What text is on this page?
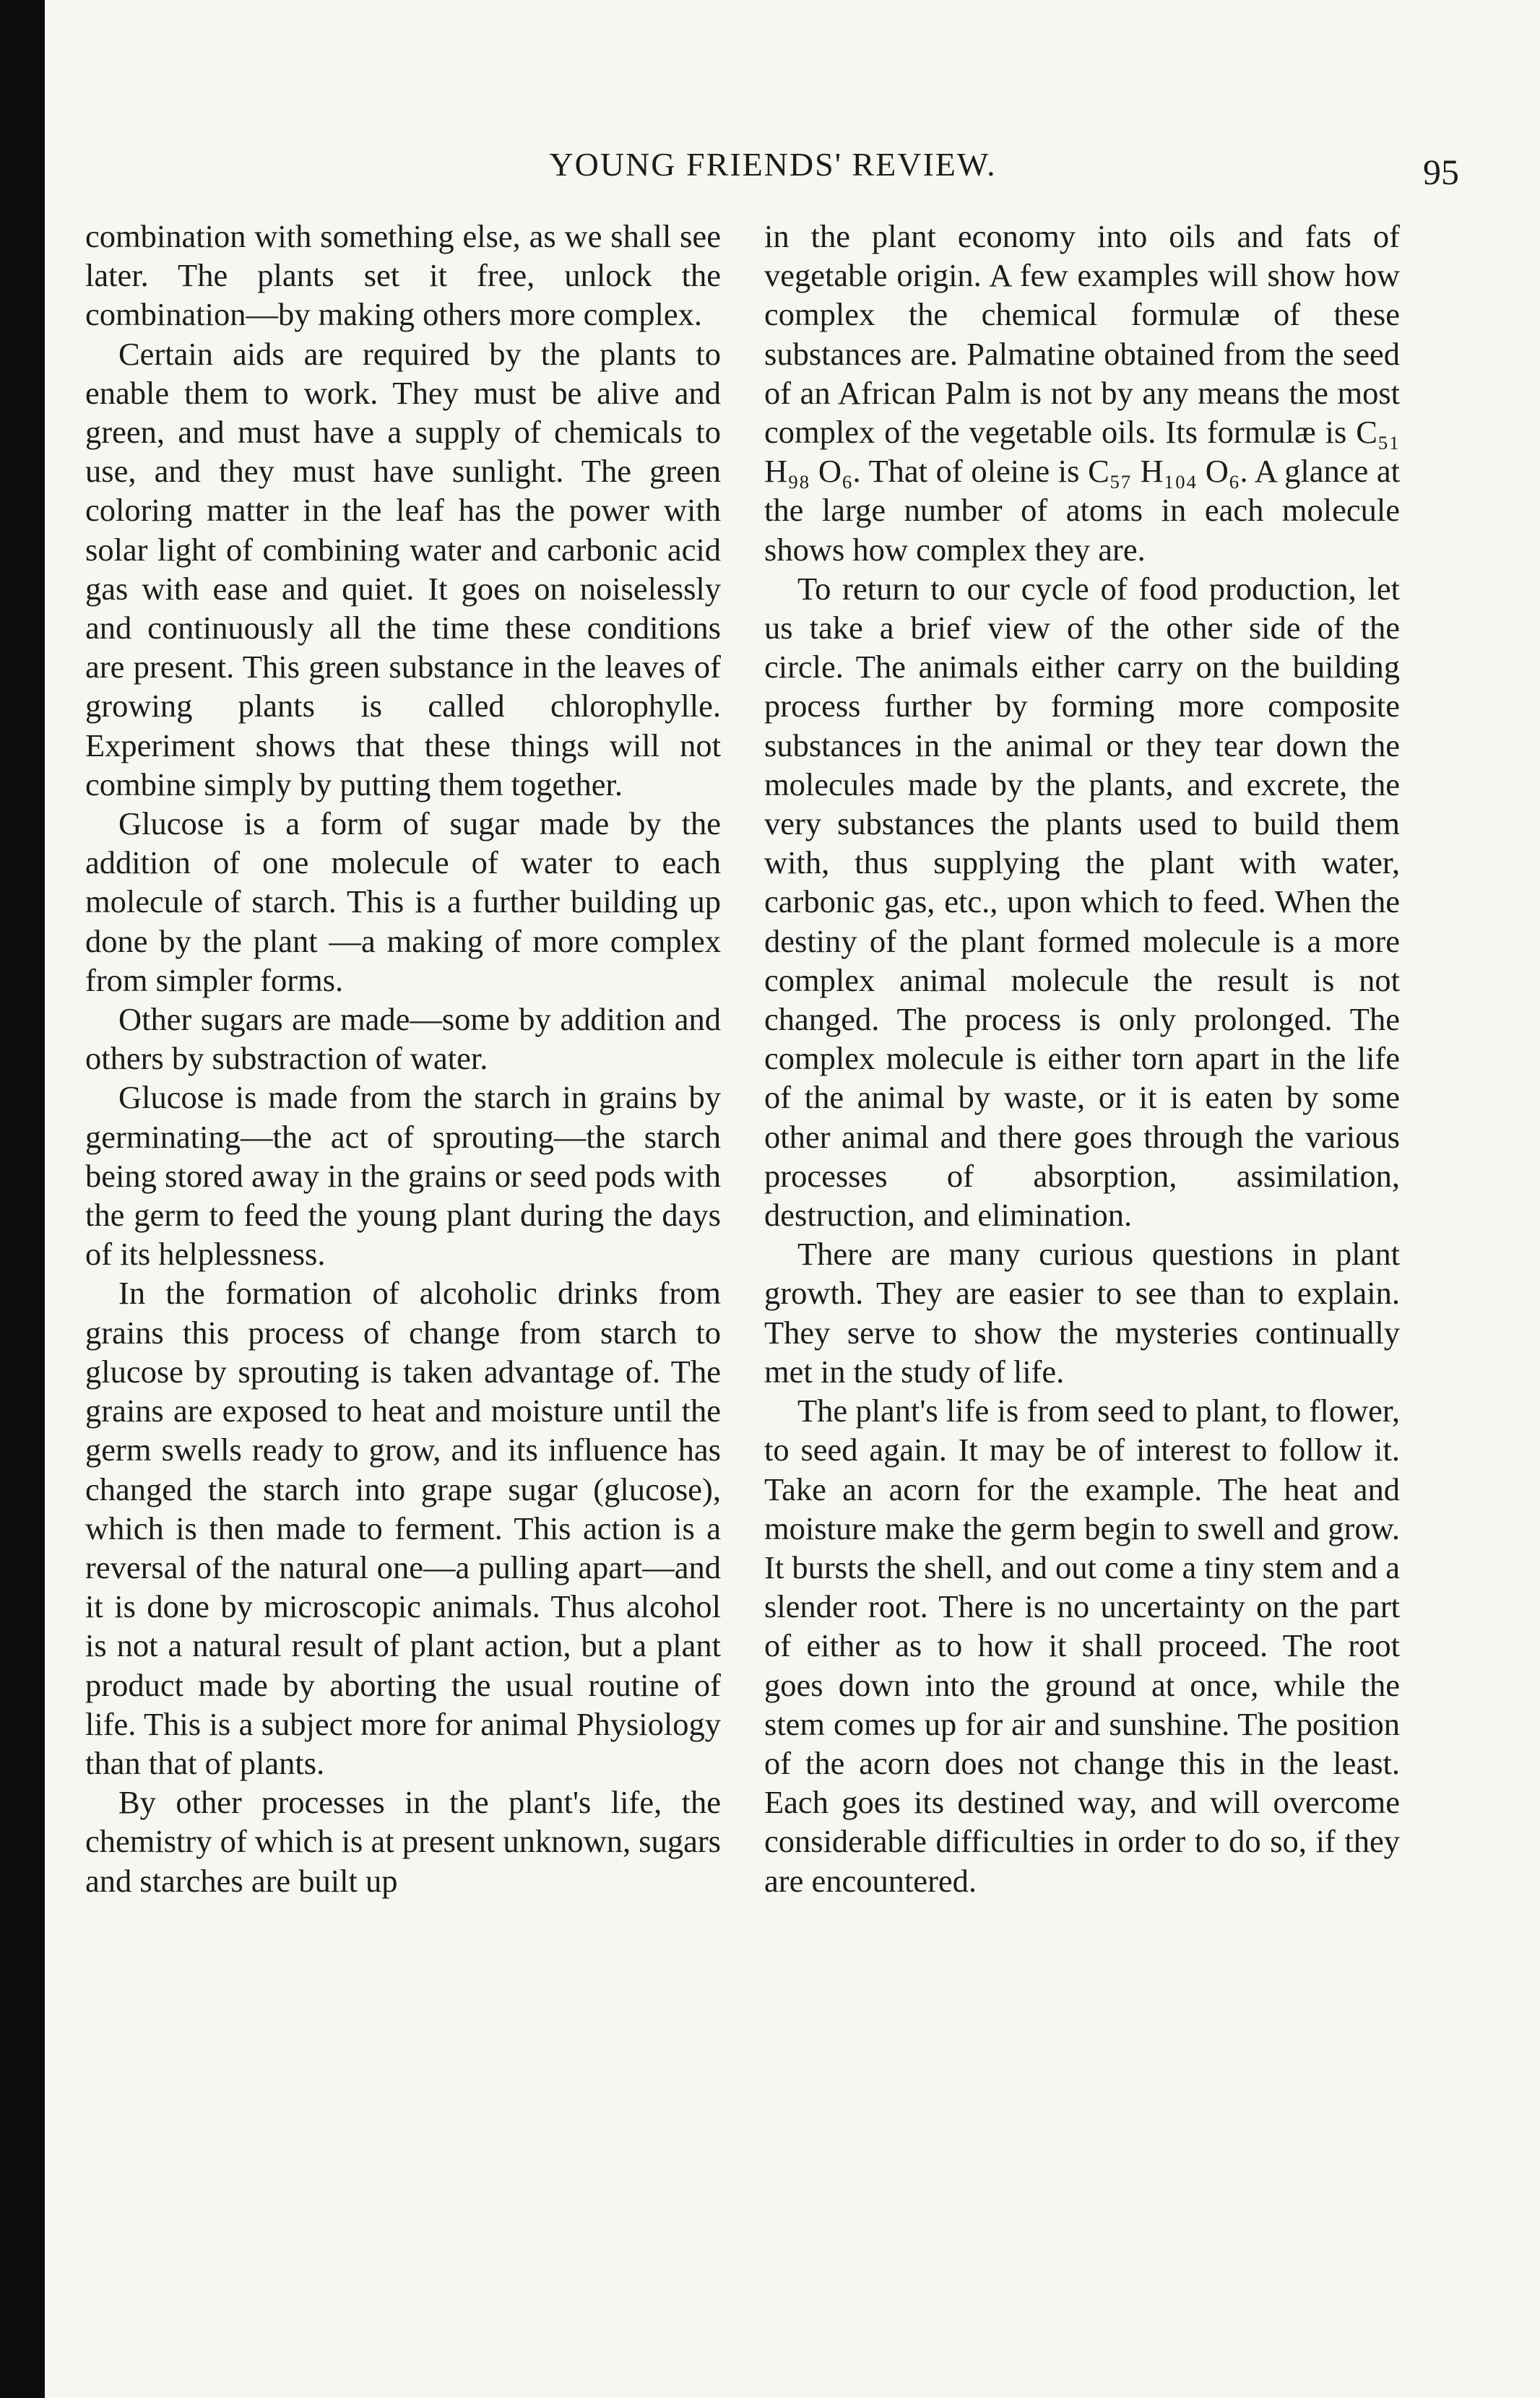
YOUNG FRIENDS' REVIEW.	95

combination with something else, as we shall see later. The plants set it free, unlock the combination—by making others more complex.

Certain aids are required by the plants to enable them to work. They must be alive and green, and must have a supply of chemicals to use, and they must have sunlight. The green coloring matter in the leaf has the power with solar light of combining water and carbonic acid gas with ease and quiet. It goes on noiselessly and continuously all the time these conditions are present. This green substance in the leaves of growing plants is called chlorophylle. Experiment shows that these things will not combine simply by putting them together.

Glucose is a form of sugar made by the addition of one molecule of water to each molecule of starch. This is a further building up done by the plant —a making of more complex from simpler forms.

Other sugars are made—some by addition and others by substraction of water.

Glucose is made from the starch in grains by germinating—the act of sprouting—the starch being stored away in the grains or seed pods with the germ to feed the young plant during the days of its helplessness.

In the formation of alcoholic drinks from grains this process of change from starch to glucose by sprouting is taken advantage of. The grains are exposed to heat and moisture until the germ swells ready to grow, and its influence has changed the starch into grape sugar (glucose), which is then made to ferment. This action is a reversal of the natural one—a pulling apart—and it is done by microscopic animals. Thus alcohol is not a natural result of plant action, but a plant product made by aborting the usual routine of life. This is a subject more for animal Physiology than that of plants.

By other processes in the plant's life, the chemistry of which is at present unknown, sugars and starches are built up

in the plant economy into oils and fats of vegetable origin. A few examples will show how complex the chemical formulæ of these substances are. Palmatine obtained from the seed of an African Palm is not by any means the most complex of the vegetable oils. Its formulæ is C₅₁ H₉₈ O₆. That of oleine is C₅₇ H₁₀₄ O₆. A glance at the large number of atoms in each molecule shows how complex they are.

To return to our cycle of food production, let us take a brief view of the other side of the circle. The animals either carry on the building process further by forming more composite substances in the animal or they tear down the molecules made by the plants, and excrete, the very substances the plants used to build them with, thus supplying the plant with water, carbonic gas, etc., upon which to feed. When the destiny of the plant formed molecule is a more complex animal molecule the result is not changed. The process is only prolonged. The complex molecule is either torn apart in the life of the animal by waste, or it is eaten by some other animal and there goes through the various processes of absorption, assimilation, destruction, and elimination.

There are many curious questions in plant growth. They are easier to see than to explain. They serve to show the mysteries continually met in the study of life.

The plant's life is from seed to plant, to flower, to seed again. It may be of interest to follow it. Take an acorn for the example. The heat and moisture make the germ begin to swell and grow. It bursts the shell, and out come a tiny stem and a slender root. There is no uncertainty on the part of either as to how it shall proceed. The root goes down into the ground at once, while the stem comes up for air and sunshine. The position of the acorn does not change this in the least. Each goes its destined way, and will overcome considerable difficulties in order to do so, if they are encountered.
